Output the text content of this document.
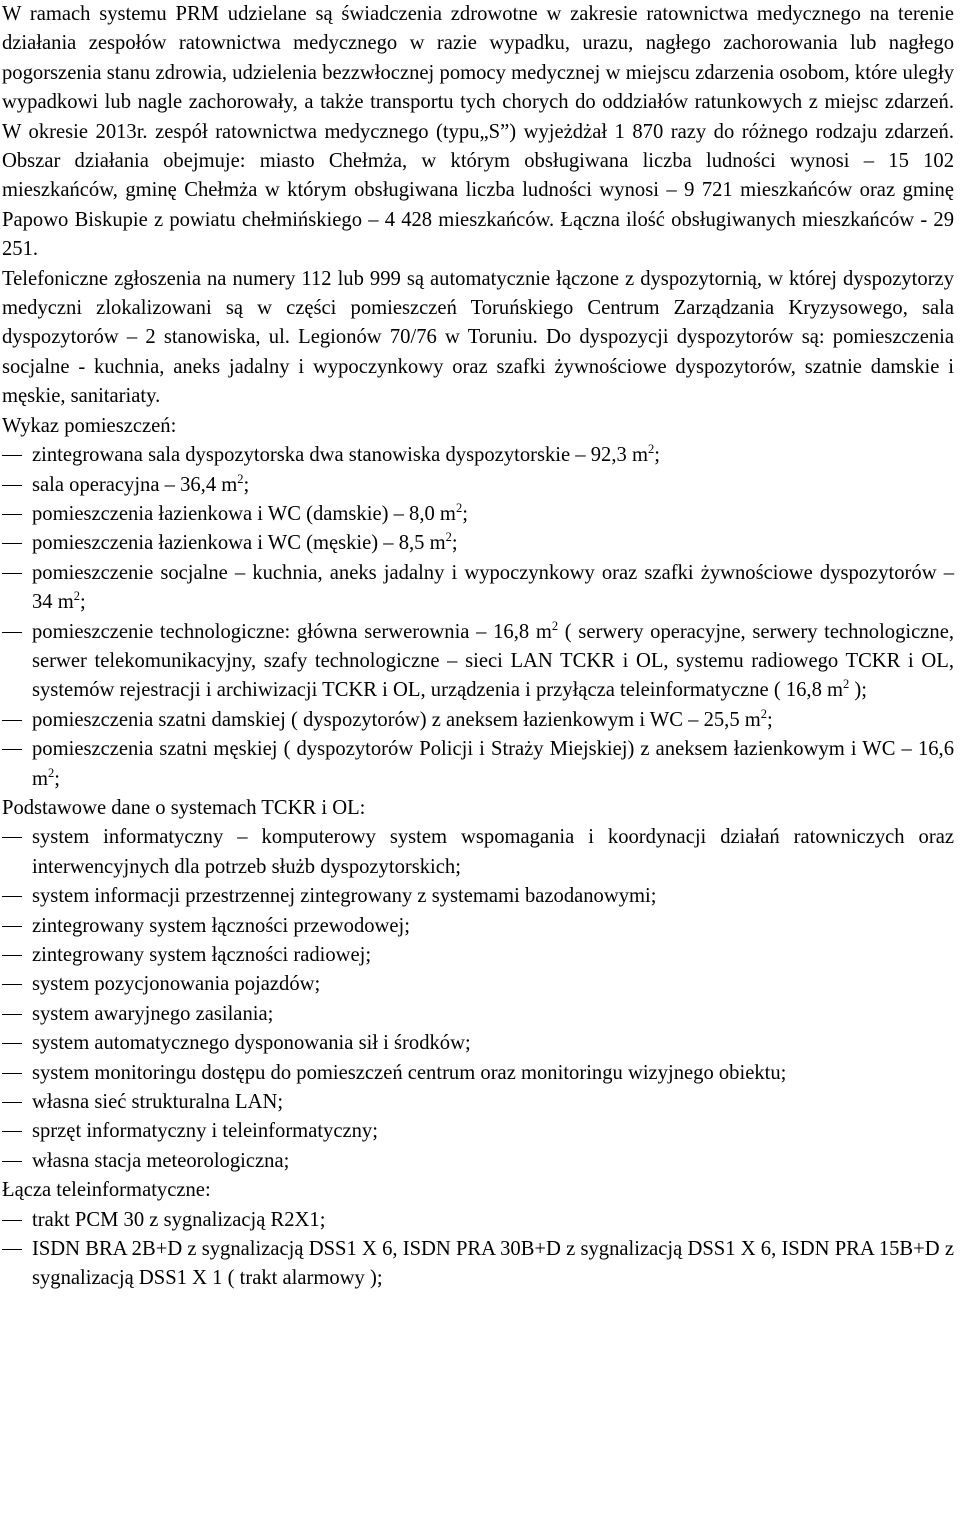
W ramach systemu PRM udzielane są świadczenia zdrowotne w zakresie ratownictwa medycznego na terenie działania zespołów ratownictwa medycznego w razie wypadku, urazu, nagłego zachorowania lub nagłego pogorszenia stanu zdrowia, udzielenia bezzwłocznej pomocy medycznej w miejscu zdarzenia osobom, które uległy wypadkowi lub nagle zachorowały, a także transportu tych chorych do oddziałów ratunkowych z miejsc zdarzeń. W okresie 2013r. zespół ratownictwa medycznego (typu„S”) wyjeżdżał 1 870 razy do różnego rodzaju zdarzeń. Obszar działania obejmuje: miasto Chełmża, w którym obsługiwana liczba ludności wynosi – 15 102 mieszkańców, gminę Chełmża w którym obsługiwana liczba ludności wynosi – 9 721 mieszkańców oraz gminę Papowo Biskupie z powiatu chełmińskiego – 4 428 mieszkańców. Łączna ilość obsługiwanych mieszkańców - 29 251.

Telefoniczne zgłoszenia na numery 112 lub 999 są automatycznie łączone z dyspozytornią, w której dyspozytorzy medyczni zlokalizowani są w części pomieszczeń Toruńskiego Centrum Zarządzania Kryzysowego, sala dyspozytorów – 2 stanowiska, ul. Legionów 70/76 w Toruniu. Do dyspozycji dyspozytorów są: pomieszczenia socjalne - kuchnia, aneks jadalny i wypoczynkowy oraz szafki żywnościowe dyspozytorów, szatnie damskie i męskie, sanitariaty.

Wykaz pomieszczeń:

zintegrowana sala dyspozytorska dwa stanowiska dyspozytorskie – 92,3 $m^2$;
sala operacyjna – 36,4 $m^2$;
pomieszczenia łazienkowa i WC (damskie) – 8,0 $m^2$;
pomieszczenia łazienkowa i WC (męskie) – 8,5 $m^2$;
pomieszczenie socjalne – kuchnia, aneks jadalny i wypoczynkowy oraz szafki żywnościowe dyspozytorów – 34 $m^2$;
pomieszczenie technologiczne: główna serwerownia – 16,8 $m^2$ ( serwery operacyjne, serwery technologiczne, serwer telekomunikacyjny, szafy technologiczne – sieci LAN TCKR i OL, systemu radiowego TCKR i OL, systemów rejestracji i archiwizacji TCKR i OL, urządzenia i przyłącza teleinformatyczne ( 16,8 $m^2$ );
pomieszczenia szatni damskiej ( dyspozytorów) z aneksem łazienkowym i WC – 25,5 $m^2$;
pomieszczenia szatni męskiej ( dyspozytorów Policji i Straży Miejskiej) z aneksem łazienkowym i WC – 16,6 $m^2$;

Podstawowe dane o systemach TCKR i OL:

system informatyczny – komputerowy system wspomagania i koordynacji działań ratowniczych oraz interwencyjnych dla potrzeb służb dyspozytorskich;
system informacji przestrzennej zintegrowany z systemami bazodanowymi;
zintegrowany system łączności przewodowej;
zintegrowany system łączności radiowej;
system pozycjonowania pojazdów;
system awaryjnego zasilania;
system automatycznego dysponowania sił i środków;
system monitoringu dostępu do pomieszczeń centrum oraz monitoringu wizyjnego obiektu;
własna sieć strukturalna LAN;
sprzęt informatyczny i teleinformatyczny;
własna stacja meteorologiczna;

Łącza teleinformatyczne:

trakt PCM 30 z sygnalizacją R2X1;
ISDN BRA 2B+D z sygnalizacją DSS1 X 6, ISDN PRA 30B+D z sygnalizacją DSS1 X 6, ISDN PRA 15B+D z sygnalizacją DSS1 X 1 ( trakt alarmowy );
